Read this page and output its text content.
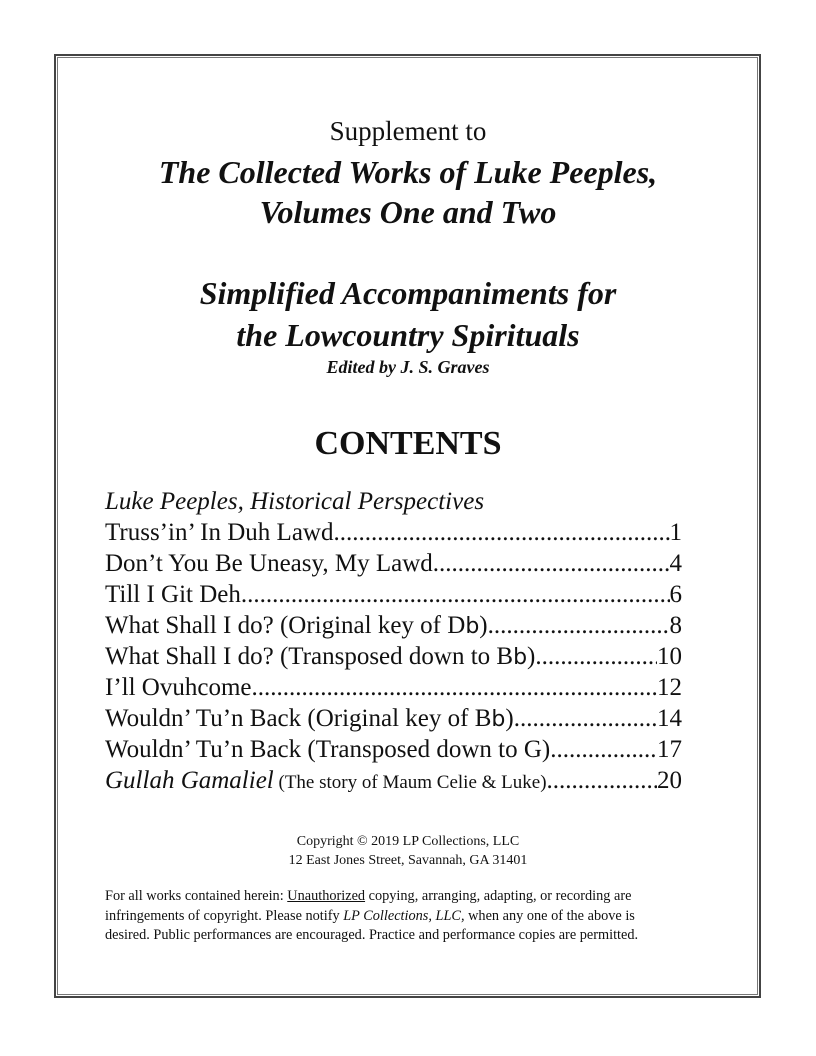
Supplement to
The Collected Works of Luke Peeples,
Volumes One and Two
Simplified Accompaniments for
the Lowcountry Spirituals
Edited by J. S. Graves
CONTENTS
Luke Peeples, Historical Perspectives
Truss’in’ In Duh Lawd .....	1
Don’t You Be Uneasy, My Lawd .....	4
Till I Git Deh .....	6
What Shall I do? (Original key of Db) .....	8
What Shall I do? (Transposed down to Bb) .....	10
I’ll Ovuhcome .....	12
Wouldn’ Tu’n Back (Original key of Bb) .....	14
Wouldn’ Tu’n Back (Transposed down to G) .....	17
Gullah Gamaliel (The story of Maum Celie & Luke) .....	20
Copyright © 2019 LP Collections, LLC
12 East Jones Street, Savannah, GA 31401

For all works contained herein: Unauthorized copying, arranging, adapting, or recording are

infringements of copyright. Please notify LP Collections, LLC, when any one of the above is

desired. Public performances are encouraged. Practice and performance copies are permitted.
